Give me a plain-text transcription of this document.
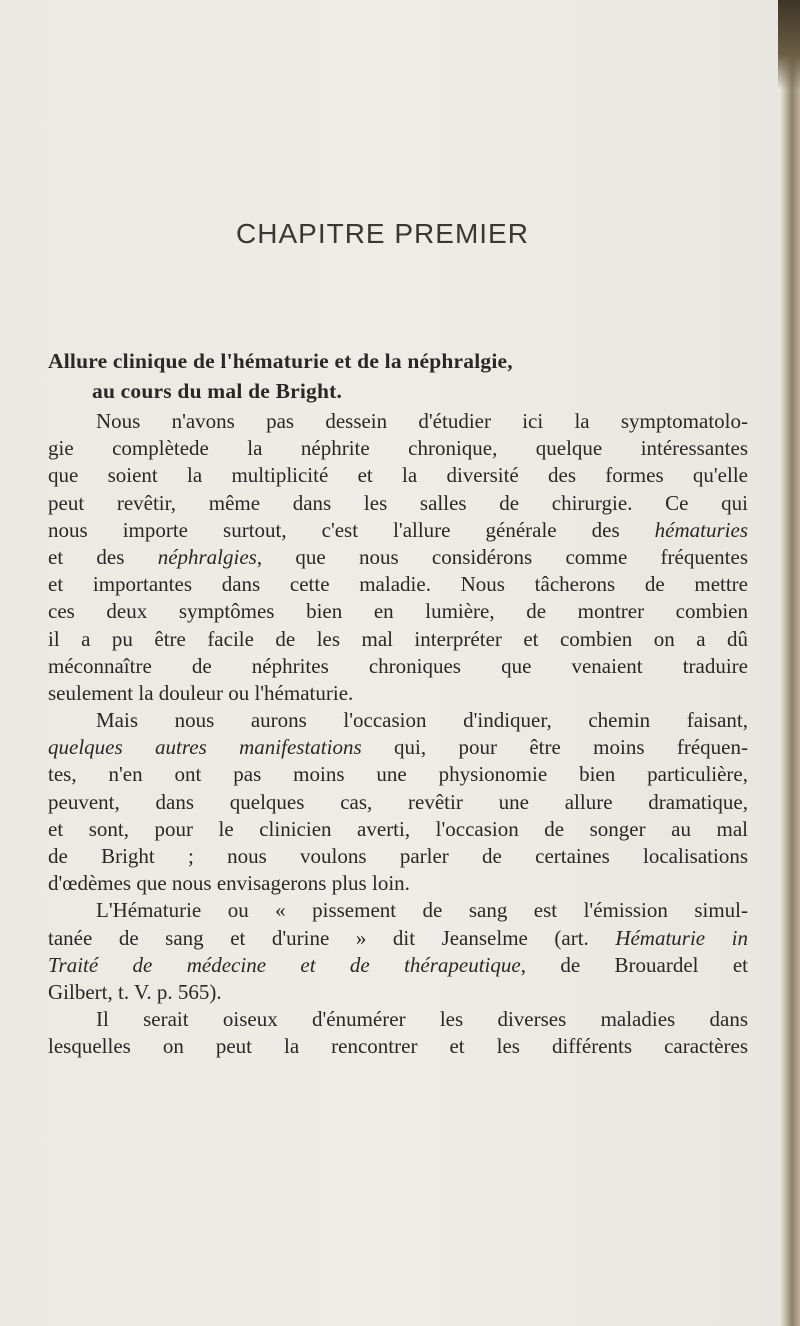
CHAPITRE PREMIER
Allure clinique de l'hématurie et de la néphralgie,
au cours du mal de Bright.
Nous n'avons pas dessein d'étudier ici la symptomatolo-
gie complètede la néphrite chronique, quelque intéressantes
que soient la multiplicité et la diversité des formes qu'elle
peut revêtir, même dans les salles de chirurgie. Ce qui
nous importe surtout, c'est l'allure générale des hématuries
et des néphralgies, que nous considérons comme fréquentes
et importantes dans cette maladie. Nous tâcherons de mettre
ces deux symptômes bien en lumière, de montrer combien
il a pu être facile de les mal interpréter et combien on a dû
méconnaître de néphrites chroniques que venaient traduire
seulement la douleur ou l'hématurie.
Mais nous aurons l'occasion d'indiquer, chemin faisant,
quelques autres manifestations qui, pour être moins fréquen-
tes, n'en ont pas moins une physionomie bien particulière,
peuvent, dans quelques cas, revêtir une allure dramatique,
et sont, pour le clinicien averti, l'occasion de songer au mal
de Bright ; nous voulons parler de certaines localisations
d'œdèmes que nous envisagerons plus loin.
L'Hématurie ou « pissement de sang est l'émission simul-
tanée de sang et d'urine » dit Jeanselme (art. Hématurie in
Traité de médecine et de thérapeutique, de Brouardel et
Gilbert, t. V. p. 565).
Il serait oiseux d'énumérer les diverses maladies dans
lesquelles on peut la rencontrer et les différents caractères
